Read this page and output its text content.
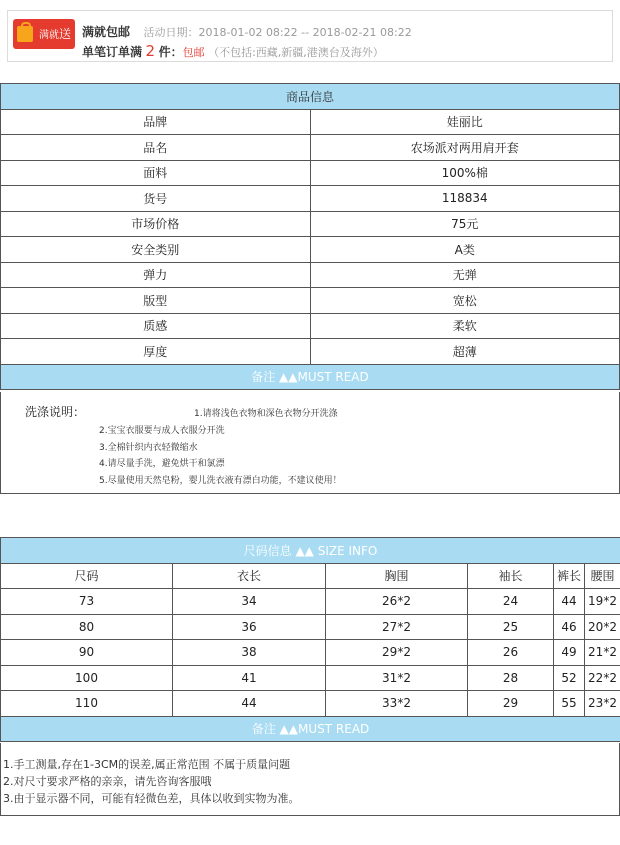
满就送 满就包邮 活动日期：2018-01-02 08:22 -- 2018-02-21 08:22
单笔订单满 2 件：包邮 （不包括:西藏,新疆,港澳台及海外）
商品信息	
品牌	娃丽比
品名	农场派对两用肩开套
面料	100%棉
货号	118834
市场价格	75元
安全类别	A类
弹力	无弹
版型	宽松
质感	柔软
厚度	超薄
备注 ▲▲MUST READ	
洗涤说明：	1.请将浅色衣物和深色衣物分开洗涤
2.宝宝衣服要与成人衣服分开洗
3.全棉针织内衣轻微缩水
4.请尽量手洗，避免烘干和氯漂
5.尽量使用天然皂粉，婴儿洗衣液有漂白功能，不建议使用！
尺码信息 ▲▲ SIZE INFO					
尺码	衣长	胸围	袖长	裤长	腰围
73	34	26*2	24	44	19*2
80	36	27*2	25	46	20*2
90	38	29*2	26	49	21*2
100	41	31*2	28	52	22*2
110	44	33*2	29	55	23*2
备注 ▲▲MUST READ					
1.手工测量,存在1-3CM的误差,属正常范围 不属于质量问题
2.对尺寸要求严格的亲亲，请先咨询客服哦
3.由于显示器不同，可能有轻微色差，具体以收到实物为准。
